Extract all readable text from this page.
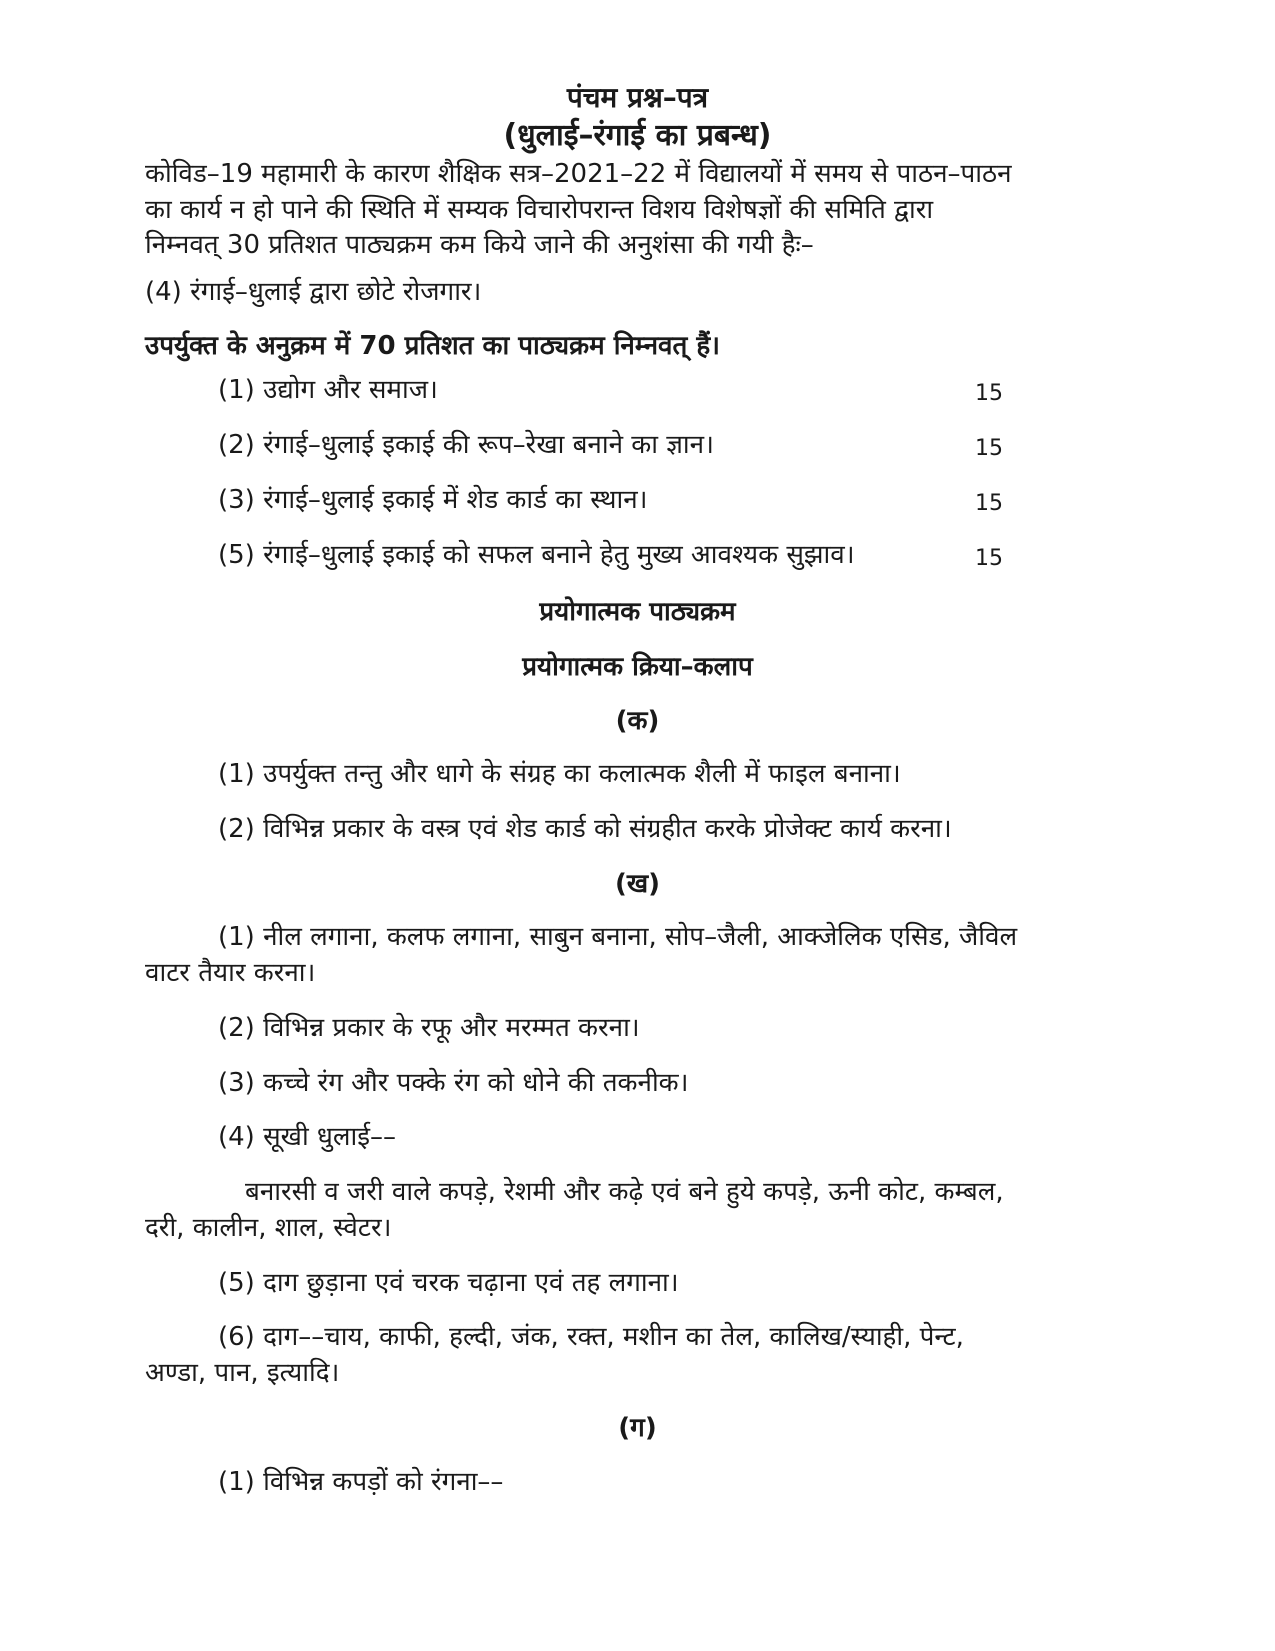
पंचम प्रश्न–पत्र
(धुलाई–रंगाई का प्रबन्ध)
कोविड–19 महामारी के कारण शैक्षिक सत्र–2021–22 में विद्यालयों में समय से पाठन–पाठन
का कार्य न हो पाने की स्थिति में सम्यक विचारोपरान्त विशय विशेषज्ञों की समिति द्वारा
निम्नवत् 30 प्रतिशत पाठ्यक्रम कम किये जाने की अनुशंसा की गयी हैः–
(4) रंगाई–धुलाई द्वारा छोटे रोजगार।
उपर्युक्त के अनुक्रम में 70 प्रतिशत का पाठ्यक्रम निम्नवत् हैं।
(1) उद्योग और समाज।	15
(2) रंगाई–धुलाई इकाई की रूप–रेखा बनाने का ज्ञान।	15
(3) रंगाई–धुलाई इकाई में शेड कार्ड का स्थान।	15
(5) रंगाई–धुलाई इकाई को सफल बनाने हेतु मुख्य आवश्यक सुझाव।	15
प्रयोगात्मक पाठ्यक्रम
प्रयोगात्मक क्रिया–कलाप
(क)
(1) उपर्युक्त तन्तु और धागे के संग्रह का कलात्मक शैली में फाइल बनाना।
(2) विभिन्न प्रकार के वस्त्र एवं शेड कार्ड को संग्रहीत करके प्रोजेक्ट कार्य करना।
(ख)
(1) नील लगाना, कलफ लगाना, साबुन बनाना, सोप–जैली, आक्जेलिक एसिड, जैविल
वाटर तैयार करना।
(2) विभिन्न प्रकार के रफू और मरम्मत करना।
(3) कच्चे रंग और पक्के रंग को धोने की तकनीक।
(4) सूखी धुलाई––
बनारसी व जरी वाले कपड़े, रेशमी और कढ़े एवं बने हुये कपड़े, ऊनी कोट, कम्बल,
दरी, कालीन, शाल, स्वेटर।
(5) दाग छुड़ाना एवं चरक चढ़ाना एवं तह लगाना।
(6) दाग––चाय, काफी, हल्दी, जंक, रक्त, मशीन का तेल, कालिख/स्याही, पेन्ट,
अण्डा, पान, इत्यादि।
(ग)
(1) विभिन्न कपड़ों को रंगना––
